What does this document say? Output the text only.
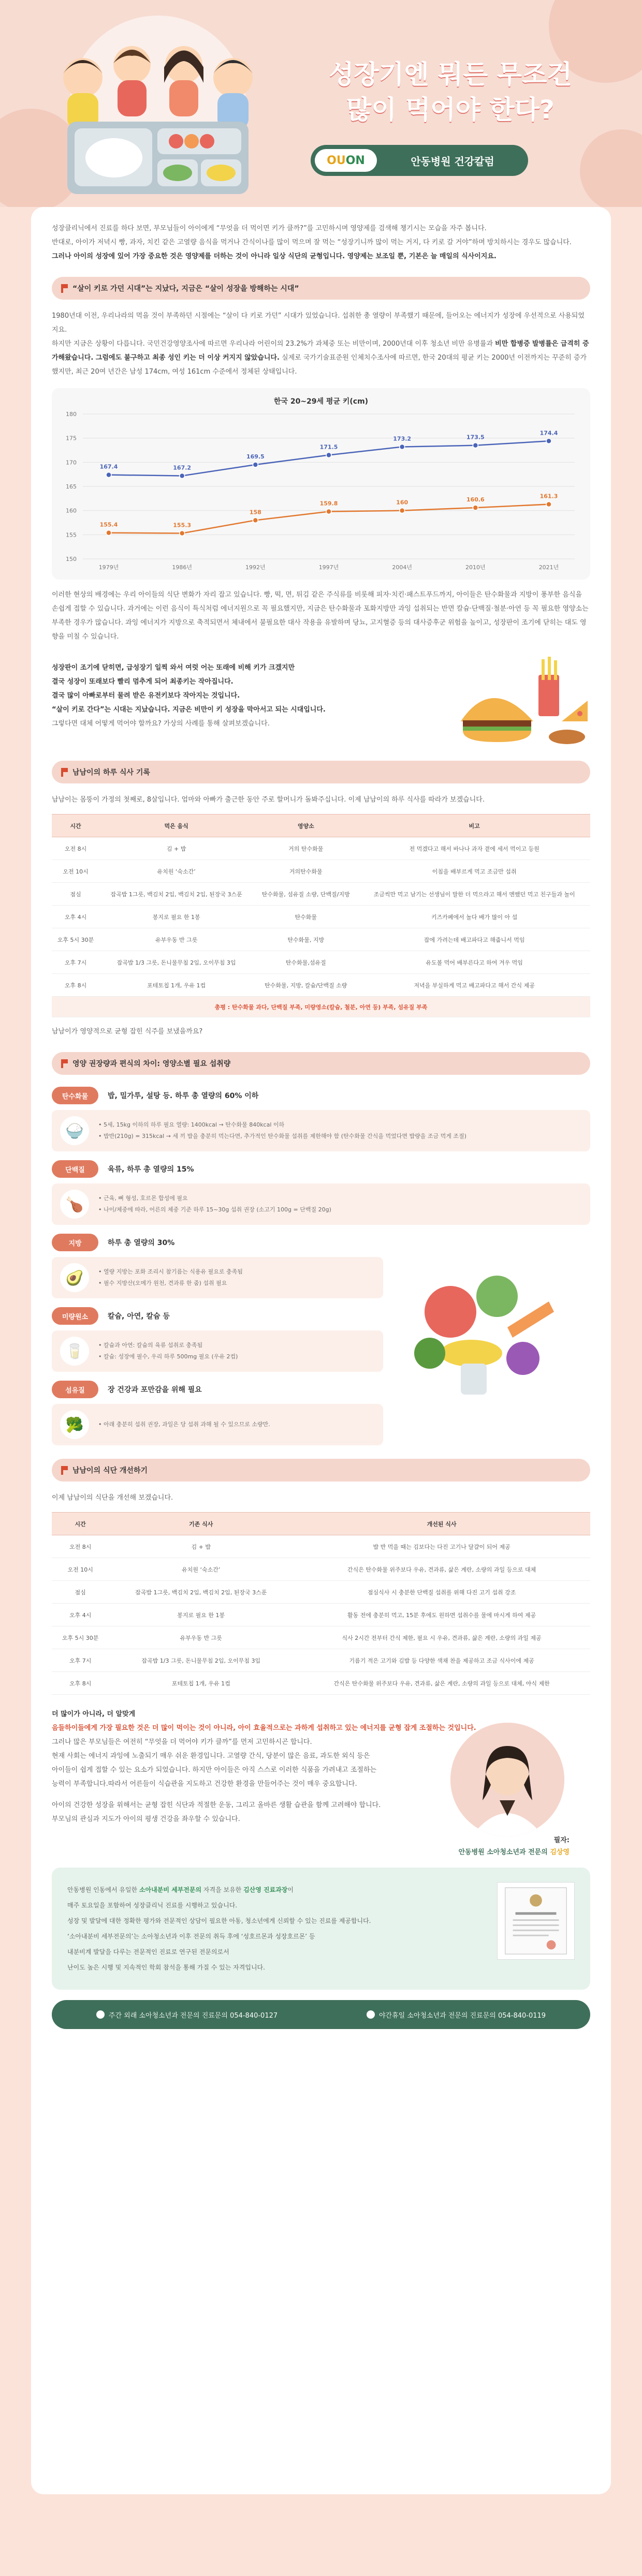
성장기엔 뭐든 무조건
많이 먹어야 한다?
OU ON	안동병원 건강칼럼

성장클리닉에서 진료를 하다 보면, 부모님들이 아이에게 “무엇을 더 먹이면 키가 클까?”를 고민하시며 영양제를 검색해 챙기시는 모습을 자주 봅니다.

반대로, 아이가 저녁시 빵, 과자, 치킨 같은 고열량 음식을 먹거나 간식이나를 많이 먹으며 잘 먹는 “성장기니까 많이 먹는 거지, 다 키로 갈 거야”하며 방치하시는 경우도 많습니다.

그러나 아이의 성장에 있어 가장 중요한 것은 영양제를 더하는 것이 아니라 일상 식단의 균형입니다. 영양제는 보조일 뿐, 기본은 늘 매일의 식사이지요.

“살이 키로 가던 시대”는 지났다, 지금은 “살이 성장을 방해하는 시대”

1980년대 이전, 우리나라의 먹을 것이 부족하던 시절에는 “살이 다 키로 가던” 시대가 있었습니다. 섭취한 총 열량이 부족했기 때문에, 들어오는 에너지가 성장에 우선적으로 사용되었지요.

하지만 지금은 상황이 다릅니다. 국민건강영양조사에 따르면 우리나라 어린이의 23.2%가 과체중 또는 비만이며, 2000년대 이후 청소년 비만 유병률과 비만 합병증 발병률은 급격히 증가해왔습니다. 그럼에도 불구하고 최종 성인 키는 더 이상 커지지 않았습니다. 실제로 국가기술표준원 인체치수조사에 따르면, 한국 20대의 평균 키는 2000년 이전까지는 꾸준히 증가했지만, 최근 20여 년간은 남성 174cm, 여성 161cm 수준에서 정체된 상태입니다.

한국 20~29세 평균 키(cm)
180
175
170
165
160
155
150
1979년	1986년	1992년	1997년	2004년	2010년	2021년
167.4	167.2
169.5
171.5
173.2	173.5
174.4
155.4	155.3
158
159.8	160	160.6
161.3

이러한 현상의 배경에는 우리 아이들의 식단 변화가 자리 잡고 있습니다. 빵, 떡, 면, 튀김 같은 주식류를 비롯해 피자·치킨·패스트푸드까지, 아이들은 탄수화물과 지방이 풍부한 음식을 손쉽게 접할 수 있습니다. 과거에는 이런 음식이 특식처럼 에너지원으로 꼭 필요했지만, 지금은 탄수화물과 포화지방만 과잉 섭취되는 반면 칼슘·단백질·철분·아연 등 꼭 필요한 영양소는 부족한 경우가 많습니다. 과잉 에너지가 지방으로 축적되면서 체내에서 불필요한 대사 작용을 유발하며 당뇨, 고지혈증 등의 대사증후군 위험을 높이고, 성장판이 조기에 닫히는 대도 영향을 미칠 수 있습니다.

성장판이 조기에 닫히면, 급성장기 일찍 와서 여럿 어는 또래에 비해 키가 크겠지만

결국 성장이 또래보다 빨리 멈추게 되어 최종키는 작아집니다.

결국 많이 아빠로부터 물려 받은 유전키보다 작아지는 것입니다.

“살이 키로 간다”는 시대는 지났습니다. 지금은 비만이 키 성장을 막아서고 되는 시대입니다.

그렇다면 대체 어떻게 먹어야 할까요? 가상의 사례를 통해 살펴보겠습니다.

남남이의 하루 식사 기록

남남이는 몸뚱이 가정의 첫째로, 8살입니다. 엄마와 아빠가 출근한 동안 주로 할머니가 돌봐주십니다. 이제 남남이의 하루 식사를 따라가 보겠습니다.

시간	먹은 음식	영양소	비고
오전 8시	김 + 밥	거의 탄수화물	전 먹겠다고 해서 바나나 과자 곁에 세서 먹이고 등원
오전 10시	유치원 ‘숙소간’	거의탄수화물	이침을 배부르게 먹고 조금만 섭취
점심	잡곡밥 1그릇, 백김치 2입, 백김치 2입, 된장국 3스푼	탄수화물, 섬유질 소량, 단백질/지방	조금씩만 먹고 남기는 선생님이 말한 더 먹으라고 해서 멘했던 먹고 친구들과 놀이
오후 4시	봉지로 필요 한 1봉	탄수화물	키즈카페에서 놀다 배가 많이 아 섭
오후 5시 30분	유부우동 반 그릇	탄수화물, 지방	잡에 가려는데 배고파다고 해줍니서 먹임
오후 7시	잡곡밥 1/3 그릇, 돈니물무침 2입, 오이무침 3입	탄수화물,섬유질	유도볼 먹어 배부른다고 하여 겨우 먹임
오후 8시	포테토칩 1개, 우유 1컵	탄수화물, 지방, 칼슘/단백질 소량	저녁을 부실하게 먹고 배고파다고 해서 간식 제공
총평 : 탄수화물 과다, 단백질 부족, 미량영소(칼슘, 철분, 아연 등) 부족, 섬유질 부족			

남남이가 영양적으로 균형 잡힌 식주를 보냈을까요?

영양 권장량과 편식의 차이: 영양소별 필요 섭취량
탄수화물	밥, 밀가루, 설탕 등. 하루 총 열량의 60% 이하
🍚	• 5세, 15kg 이하의 하루 필요 열량: 1400kcal → 탄수화물 840kcal 이하
• 밥반(210g) = 315kcal → 세 끼 밥을 충분히 먹는다면, 추가적인 탄수화물 섭취를 제한해야 함 (탄수화물 간식을 먹었다면 밥량을 조금 먹게 조절)
단백질	육류, 하루 총 열량의 15%
🍗	• 근육, 뼈 형성, 호르몬 합성에 필요
• 나이/체중에 따라, 어른의 체중 기준 하루 15~30g 섭취 권장 (소고기 100g = 단백질 20g)
지방	하루 총 열량의 30%
🥑	• 열량 지방는 포화 조리시 참기름는 식용유 필요로 충족됨
• 필수 지방산(오메가 원천, 견과류 한 줌) 섭취 필요
미량원소	칼슘, 아연, 칼슘 등
🥛	• 칼슘과 아연: 칼슘의 육류 섭취로 충족됨
• 칼슘: 성장에 필수, 우리 하루 500mg 필요 (우유 2컵)
섬유질	장 건강과 포만감을 위해 필요
🥦	• 아래 충분히 섭취 권장, 과일은 당 섭취 과해 될 수 있으므로 소량만.
남남이의 식단 개선하기

이제 남남이의 식단을 개선해 보겠습니다.

시간	기존 식사	개선된 식사
오전 8시	김 + 밥	밥 반 먹을 때는 김보다는 다진 고기나 달걀이 되어 제공
오전 10시	유치원 ‘숙소간’	간식은 탄수화물 위주보다 우유, 견과류, 삶은 계란, 소량의 과일 등으로 대체
점심	잡곡밥 1그릇, 백김치 2입, 백김치 2입, 된장국 3스푼	점심식사 시 충분한 단백질 섭취를 위해 다진 고기 섭취 강조
오후 4시	봉지로 필요 한 1봉	활동 전에 충분히 먹고, 15분 후에도 원하면 섭취수를 물에 마시게 하여 제공
오후 5시 30분	유부우동 반 그릇	식사 2시간 전부터 간식 제한, 필요 시 우유, 견과류, 삶은 계란, 소량의 과일 제공
오후 7시	잡곡밥 1/3 그릇, 돈니물무침 2입, 오이무침 3입	기름기 적은 고기와 김밥 등 다양한 색채 찬을 제공하고 조금 식사이에 제공
오후 8시	포테토칩 1개, 우유 1컵	간식은 탄수화물 위주보다 우유, 견과류, 삶은 계란, 소량의 과일 등으로 대체, 야식 제한

더 많이가 아니라, 더 알맞게

음들하이들에게 가장 필요한 것은 더 많이 먹이는 것이 아니라, 아이 효율적으로는 과하게 섭취하고 있는 에너지를 균형 잡게 조절하는 것입니다.

그러나 많은 부모님들은 여전히 “무엇을 더 먹어야 키가 클까”를 먼저 고민하시곤 합니다.

현재 사회는 에너지 과잉에 노출되기 매우 쉬운 환경입니다. 고열량 간식, 당분이 많은 음료, 과도한 외식 등은

아이들이 쉽게 접할 수 있는 요소가 되었습니다. 하지만 아이들은 아직 스스로 이러한 식품을 가려내고 조절하는

능력이 부족합니다.따라서 어른들이 식습관을 지도하고 건강한 환경을 만들어주는 것이 매우 중요합니다.

아이의 건강한 성장을 위해서는 균형 잡힌 식단과 적절한 운동, 그리고 올바른 생활 습관을 함께 고려해야 합니다.

부모님의 관심과 지도가 아이의 평생 건강을 좌우할 수 있습니다.

필자:
안동병원 소아청소년과 전문의 김상영

안동병원 인동에서 유일한 소아내분비 세부전문의 자격을 보유한 김산영 진료과장이
매주 토요일을 포함하여 성장클리닉 진료를 시행하고 있습니다.
성장 및 발달에 대한 정확한 평가와 전문적인 상담이 필요한 아동, 청소년에게 신뢰할 수 있는 진료를 제공합니다.
‘소아내분비 세부전문의’는 소아청소년과 이후 전문의 취득 후에 ‘성호르몬과 성장호르몬’ 등
내분비계 발달을 다루는 전문적인 진료로 연구된 전문의로서
난이도 높은 시행 및 지속적인 학회 참석을 통해 가질 수 있는 자격입니다.

주간 외래 소아청소년과 전문의 진료문의 054-840-0127	야간휴일 소아청소년과 전문의 진료문의 054-840-0119
